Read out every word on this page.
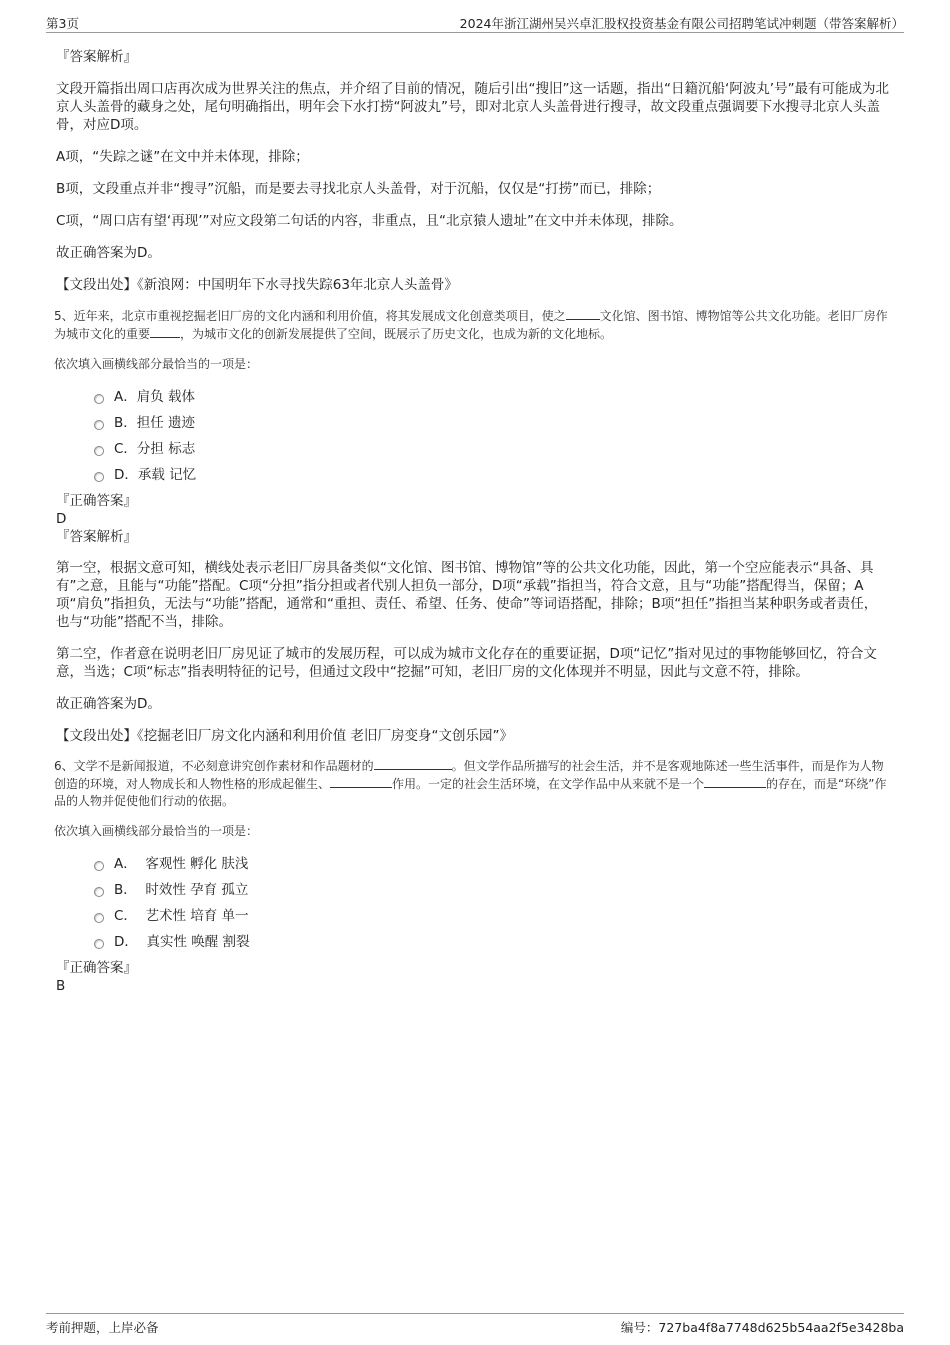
第3页	2024年浙江湖州吴兴卓汇股权投资基金有限公司招聘笔试冲刺题（带答案解析）
『答案解析』

文段开篇指出周口店再次成为世界关注的焦点，并介绍了目前的情况，随后引出“搜旧”这一话题，指出“日籍沉船‘阿波丸’号”最有可能成为北京人头盖骨的藏身之处，尾句明确指出，明年会下水打捞“阿波丸”号，即对北京人头盖骨进行搜寻，故文段重点强调要下水搜寻北京人头盖骨，对应D项。

A项，“失踪之谜”在文中并未体现，排除；

B项，文段重点并非“搜寻”沉船，而是要去寻找北京人头盖骨，对于沉船，仅仅是“打捞”而已，排除；

C项，“周口店有望‘再现’”对应文段第二句话的内容，非重点，且“北京猿人遗址”在文中并未体现，排除。

故正确答案为D。

【文段出处】《新浪网：中国明年下水寻找失踪63年北京人头盖骨》

5、近年来，北京市重视挖掘老旧厂房的文化内涵和利用价值，将其发展成文化创意类项目，使之	文化馆、图书馆、博物馆等公共文化功能。老旧厂房作为城市文化的重要	，为城市文化的创新发展提供了空间，既展示了历史文化，也成为新的文化地标。

依次填入画横线部分最恰当的一项是：

A．肩负 载体
B．担任 遗迹
C．分担 标志
D．承载 记忆
『正确答案』
D
『答案解析』

第一空，根据文意可知，横线处表示老旧厂房具备类似“文化馆、图书馆、博物馆”等的公共文化功能，因此，第一个空应能表示“具备、具有”之意，且能与“功能”搭配。C项“分担”指分担或者代别人担负一部分，D项“承载”指担当，符合文意，且与“功能”搭配得当，保留；A项“肩负”指担负，无法与“功能”搭配，通常和“重担、责任、希望、任务、使命”等词语搭配，排除；B项“担任”指担当某种职务或者责任，也与“功能”搭配不当，排除。

第二空，作者意在说明老旧厂房见证了城市的发展历程，可以成为城市文化存在的重要证据，D项“记忆”指对见过的事物能够回忆，符合文意，当选；C项“标志”指表明特征的记号，但通过文段中“挖掘”可知，老旧厂房的文化体现并不明显，因此与文意不符，排除。

故正确答案为D。

【文段出处】《挖掘老旧厂房文化内涵和利用价值 老旧厂房变身“文创乐园”》

6、文学不是新闻报道，不必刻意讲究创作素材和作品题材的	。但文学作品所描写的社会生活，并不是客观地陈述一些生活事件，而是作为人物创造的环境，对人物成长和人物性格的形成起催生、	作用。一定的社会生活环境，在文学作品中从来就不是一个	的存在，而是“环绕”作品的人物并促使他们行动的依据。

依次填入画横线部分最恰当的一项是：

A．  客观性 孵化 肤浅
B．  时效性 孕育 孤立
C．  艺术性 培育 单一
D．  真实性 唤醒 割裂
『正确答案』
B
考前押题，上岸必备	编号：727ba4f8a7748d625b54aa2f5e3428ba
